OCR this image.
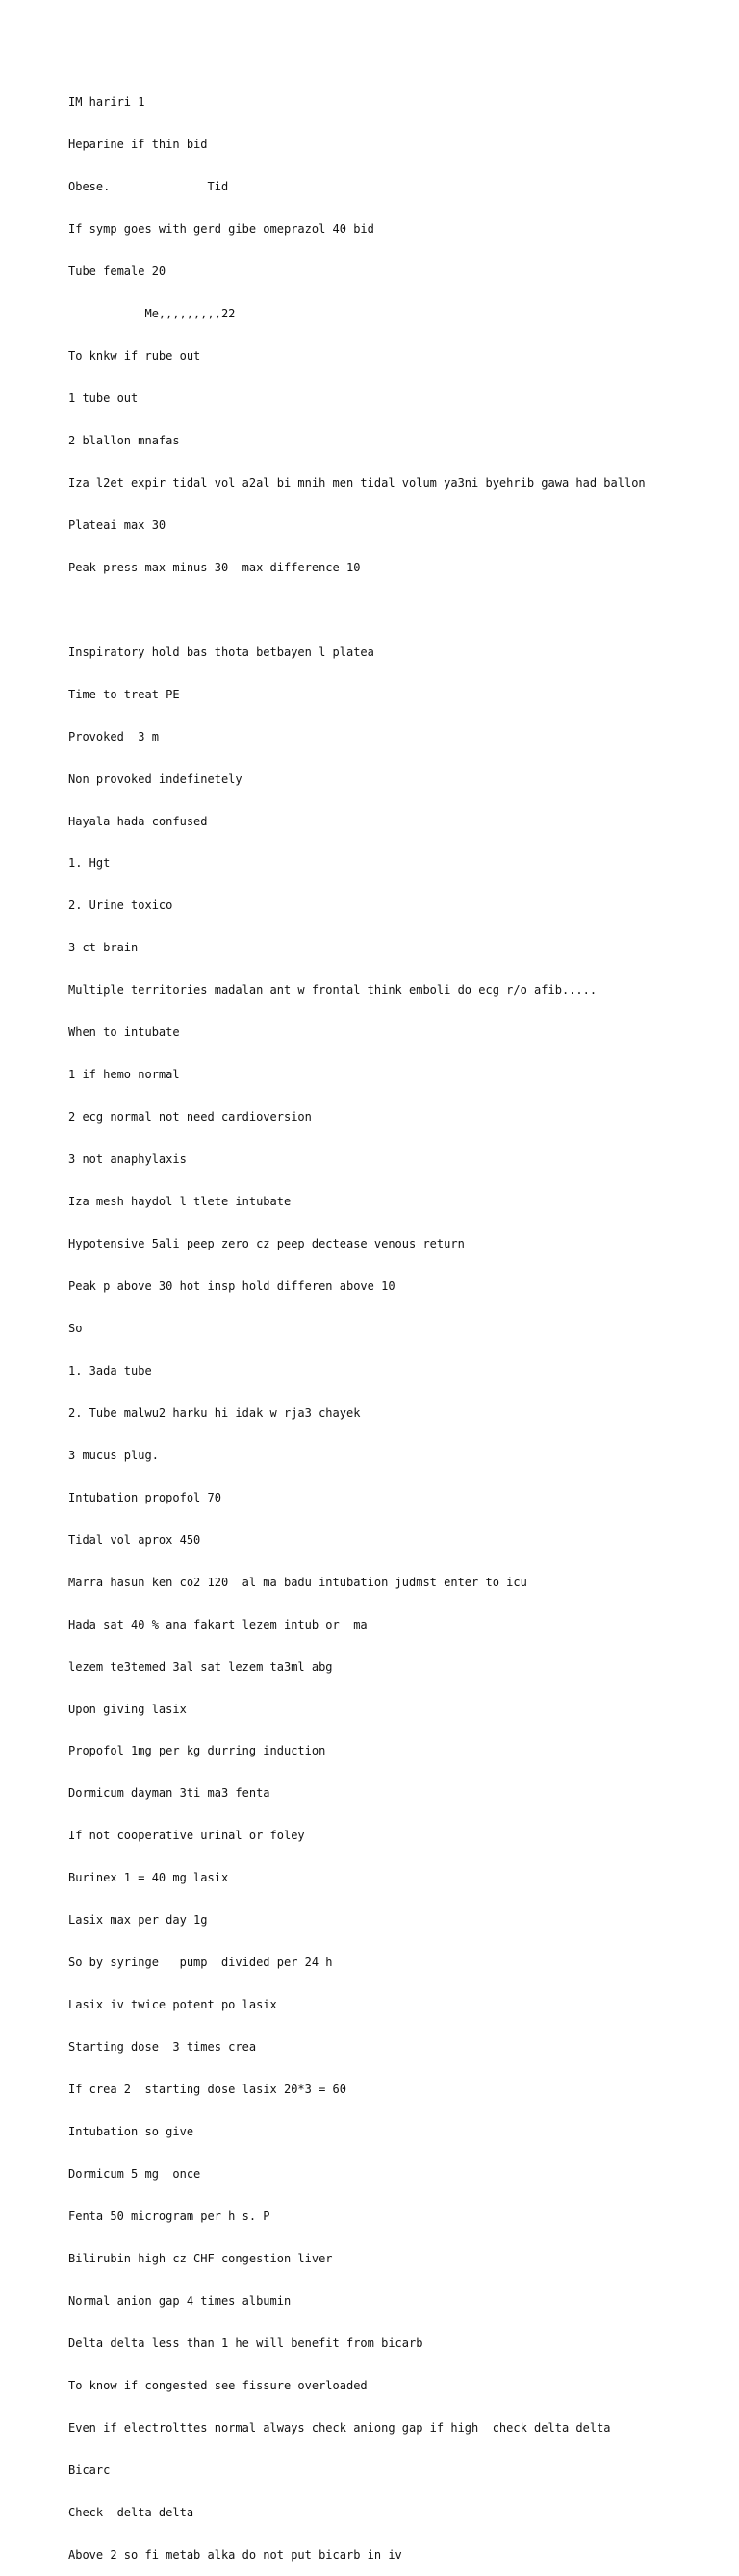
IM hariri 1

Heparine if thin bid

Obese.              Tid

If symp goes with gerd gibe omeprazol 40 bid

Tube female 20

Me,,,,,,,,,22

To knkw if rube out

1 tube out

2 blallon mnafas

Iza l2et expir tidal vol a2al bi mnih men tidal volum ya3ni byehrib gawa had ballon

Plateai max 30

Peak press max minus 30  max difference 10

Inspiratory hold bas thota betbayen l platea

Time to treat PE

Provoked  3 m

Non provoked indefinetely

Hayala hada confused

1. Hgt

2. Urine toxico

3 ct brain

Multiple territories madalan ant w frontal think emboli do ecg r/o afib.....

When to intubate

1 if hemo normal

2 ecg normal not need cardioversion

3 not anaphylaxis

Iza mesh haydol l tlete intubate

Hypotensive 5ali peep zero cz peep dectease venous return

Peak p above 30 hot insp hold differen above 10

So

1. 3ada tube

2. Tube malwu2 harku hi idak w rja3 chayek

3 mucus plug.

Intubation propofol 70

Tidal vol aprox 450

Marra hasun ken co2 120  al ma badu intubation judmst enter to icu

Hada sat 40 % ana fakart lezem intub or  ma

lezem te3temed 3al sat lezem ta3ml abg

Upon giving lasix

Propofol 1mg per kg durring induction

Dormicum dayman 3ti ma3 fenta

If not cooperative urinal or foley

Burinex 1 = 40 mg lasix

Lasix max per day 1g

So by syringe   pump  divided per 24 h

Lasix iv twice potent po lasix

Starting dose  3 times crea

If crea 2  starting dose lasix 20*3 = 60

Intubation so give

Dormicum 5 mg  once

Fenta 50 microgram per h s. P

Bilirubin high cz CHF congestion liver

Normal anion gap 4 times albumin

Delta delta less than 1 he will benefit from bicarb

To know if congested see fissure overloaded

Even if electrolttes normal always check aniong gap if high  check delta delta

Bicarc

Check  delta delta

Above 2 so fi metab alka do not put bicarb in iv
